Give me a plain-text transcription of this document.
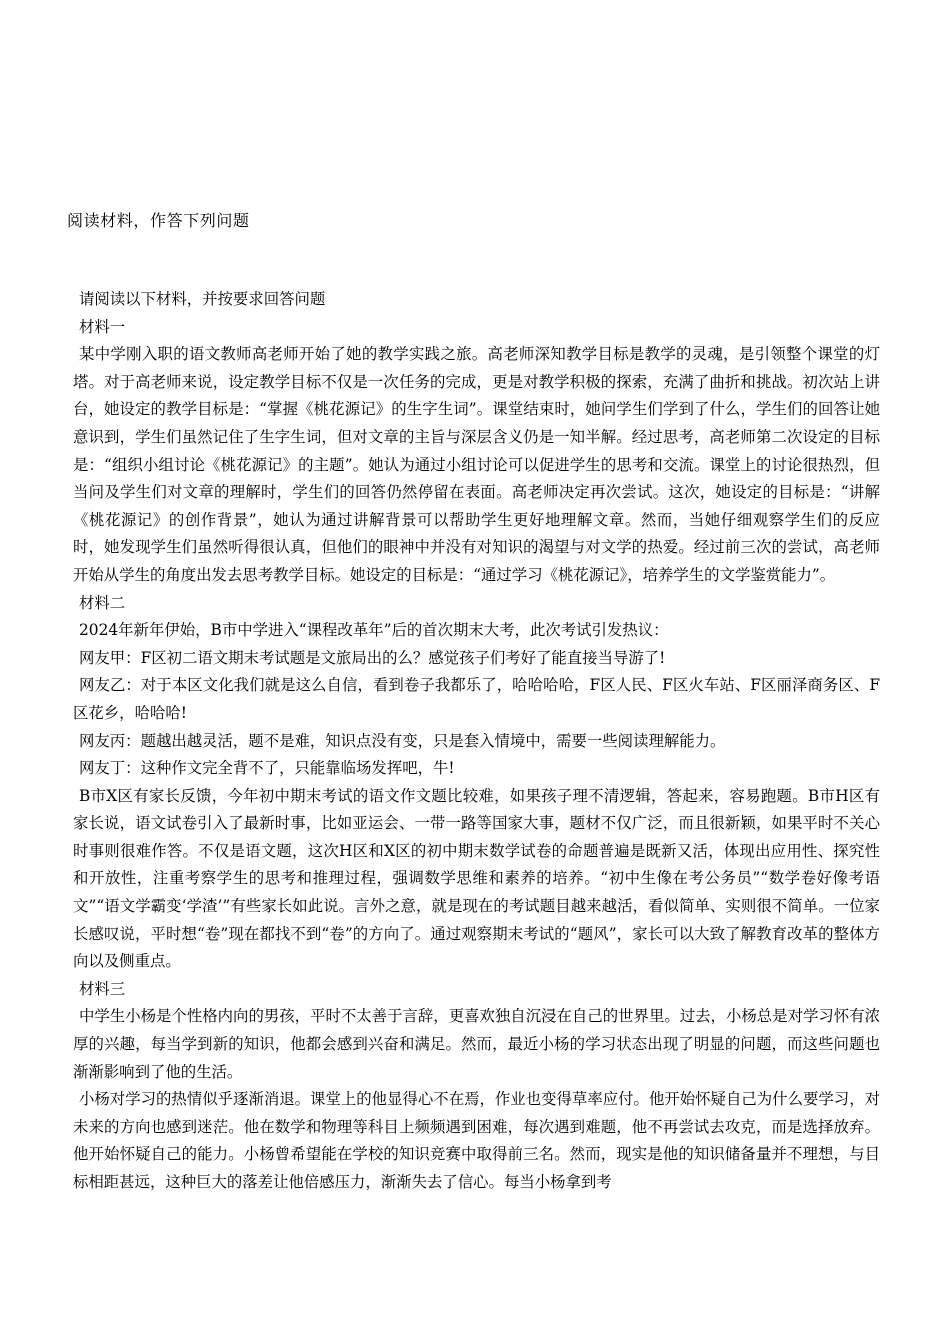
阅读材料，作答下列问题

请阅读以下材料，并按要求回答问题

材料一

某中学刚入职的语文教师高老师开始了她的教学实践之旅。高老师深知教学目标是教学的灵魂，是引领整个课堂的灯塔。对于高老师来说，设定教学目标不仅是一次任务的完成，更是对教学积极的探索，充满了曲折和挑战。初次站上讲台，她设定的教学目标是：“掌握《桃花源记》的生字生词”。课堂结束时，她问学生们学到了什么，学生们的回答让她意识到，学生们虽然记住了生字生词，但对文章的主旨与深层含义仍是一知半解。经过思考，高老师第二次设定的目标是：“组织小组讨论《桃花源记》的主题”。她认为通过小组讨论可以促进学生的思考和交流。课堂上的讨论很热烈，但当问及学生们对文章的理解时，学生们的回答仍然停留在表面。高老师决定再次尝试。这次，她设定的目标是：“讲解《桃花源记》的创作背景”，她认为通过讲解背景可以帮助学生更好地理解文章。然而，当她仔细观察学生们的反应时，她发现学生们虽然听得很认真，但他们的眼神中并没有对知识的渴望与对文学的热爱。经过前三次的尝试，高老师开始从学生的角度出发去思考教学目标。她设定的目标是：“通过学习《桃花源记》，培养学生的文学鉴赏能力”。

材料二

2024年新年伊始，B市中学进入“课程改革年”后的首次期末大考，此次考试引发热议：

网友甲：F区初二语文期末考试题是文旅局出的么？感觉孩子们考好了能直接当导游了!

网友乙：对于本区文化我们就是这么自信，看到卷子我都乐了，哈哈哈哈，F区人民、F区火车站、F区丽泽商务区、F区花乡，哈哈哈!

网友丙：题越出越灵活，题不是难，知识点没有变，只是套入情境中，需要一些阅读理解能力。

网友丁：这种作文完全背不了，只能靠临场发挥吧，牛!

B市X区有家长反馈，今年初中期末考试的语文作文题比较难，如果孩子理不清逻辑，答起来，容易跑题。B市H区有家长说，语文试卷引入了最新时事，比如亚运会、一带一路等国家大事，题材不仅广泛，而且很新颖，如果平时不关心时事则很难作答。不仅是语文题，这次H区和X区的初中期末数学试卷的命题普遍是既新又活，体现出应用性、探究性和开放性，注重考察学生的思考和推理过程，强调数学思维和素养的培养。“初中生像在考公务员”“数学卷好像考语文”“语文学霸变‘学渣’”有些家长如此说。言外之意，就是现在的考试题目越来越活，看似简单、实则很不简单。一位家长感叹说，平时想“卷”现在都找不到“卷”的方向了。通过观察期末考试的“题风”，家长可以大致了解教育改革的整体方向以及侧重点。

材料三

中学生小杨是个性格内向的男孩，平时不太善于言辞，更喜欢独自沉浸在自己的世界里。过去，小杨总是对学习怀有浓厚的兴趣，每当学到新的知识，他都会感到兴奋和满足。然而，最近小杨的学习状态出现了明显的问题，而这些问题也渐渐影响到了他的生活。

小杨对学习的热情似乎逐渐消退。课堂上的他显得心不在焉，作业也变得草率应付。他开始怀疑自己为什么要学习，对未来的方向也感到迷茫。他在数学和物理等科目上频频遇到困难，每次遇到难题，他不再尝试去攻克，而是选择放弃。他开始怀疑自己的能力。小杨曾希望能在学校的知识竞赛中取得前三名。然而，现实是他的知识储备量并不理想，与目标相距甚远，这种巨大的落差让他倍感压力，渐渐失去了信心。每当小杨拿到考
